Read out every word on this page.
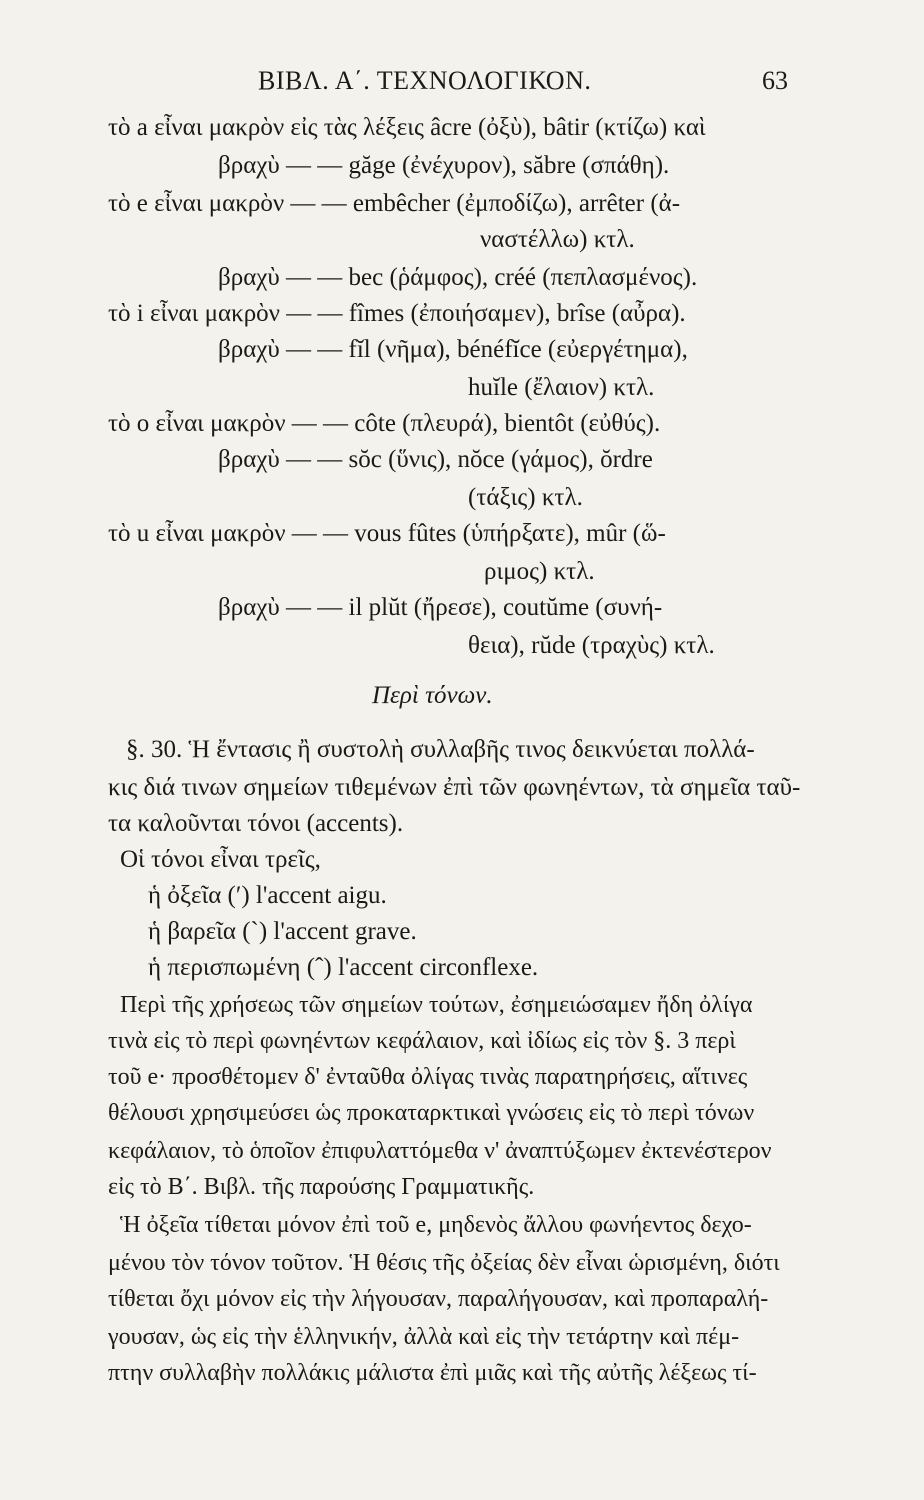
ΒΙΒΛ. Α΄. ΤΕΧΝΟΛΟΓΙΚΟΝ.	63
τὸ a εἶναι μακρὸν εἰς τὰς λέξεις âcre (ὀξὺ), bâtir (κτίζω) καὶ
βραχὺ — — găge (ἐνέχυρον), săbre (σπάθη).
τὸ e εἶναι μακρὸν — — embêcher (ἐμποδίζω), arrêter (ἀ-
ναστέλλω) κτλ.
βραχὺ — — bec (ῥάμφος), créé (πεπλασμένος).
τὸ i εἶναι μακρὸν — — fîmes (ἐποιήσαμεν), brîse (αὖρα).
βραχὺ — — fĭl (νῆμα), bénéfĭce (εὐεργέτημα),
huĭle (ἔλαιον) κτλ.
τὸ o εἶναι μακρὸν — — côte (πλευρά), bientôt (εὐθύς).
βραχὺ — — sŏc (ὕνις), nŏce (γάμος), ŏrdre
(τάξις) κτλ.
τὸ u εἶναι μακρὸν — — vous fûtes (ὑπήρξατε), mûr (ὥ-
ριμος) κτλ.
βραχὺ — — il plŭt (ἤρεσε), coutŭme (συνή-
θεια), rŭde (τραχὺς) κτλ.
Περὶ τόνων.
§. 30. Ἡ ἔντασις ἢ συστολὴ συλλαβῆς τινος δεικνύεται πολλά-
κις διά τινων σημείων τιθεμένων ἐπὶ τῶν φωνηέντων, τὰ σημεῖα ταῦ-
τα καλοῦνται τόνοι (accents).
Οἱ τόνοι εἶναι τρεῖς,
ἡ ὀξεῖα (ʹ) l'accent aigu.
ἡ βαρεῖα (ˋ) l'accent grave.
ἡ περισπωμένη (ˆ) l'accent circonflexe.
Περὶ τῆς χρήσεως τῶν σημείων τούτων, ἐσημειώσαμεν ἤδη ὀλίγα
τινὰ εἰς τὸ περὶ φωνηέντων κεφάλαιον, καὶ ἰδίως εἰς τὸν §. 3 περὶ
τοῦ e· προσθέτομεν δ' ἐνταῦθα ὀλίγας τινὰς παρατηρήσεις, αἵτινες
θέλουσι χρησιμεύσει ὡς προκαταρκτικαὶ γνώσεις εἰς τὸ περὶ τόνων
κεφάλαιον, τὸ ὁποῖον ἐπιφυλαττόμεθα ν' ἀναπτύξωμεν ἐκτενέστερον
εἰς τὸ Β΄. Βιβλ. τῆς παρούσης Γραμματικῆς.
Ἡ ὀξεῖα τίθεται μόνον ἐπὶ τοῦ e, μηδενὸς ἄλλου φωνήεντος δεχο-
μένου τὸν τόνον τοῦτον. Ἡ θέσις τῆς ὀξείας δὲν εἶναι ὡρισμένη, διότι
τίθεται ὄχι μόνον εἰς τὴν λήγουσαν, παραλήγουσαν, καὶ προπαραλή-
γουσαν, ὡς εἰς τὴν ἑλληνικήν, ἀλλὰ καὶ εἰς τὴν τετάρτην καὶ πέμ-
πτην συλλαβὴν πολλάκις μάλιστα ἐπὶ μιᾶς καὶ τῆς αὐτῆς λέξεως τί-
